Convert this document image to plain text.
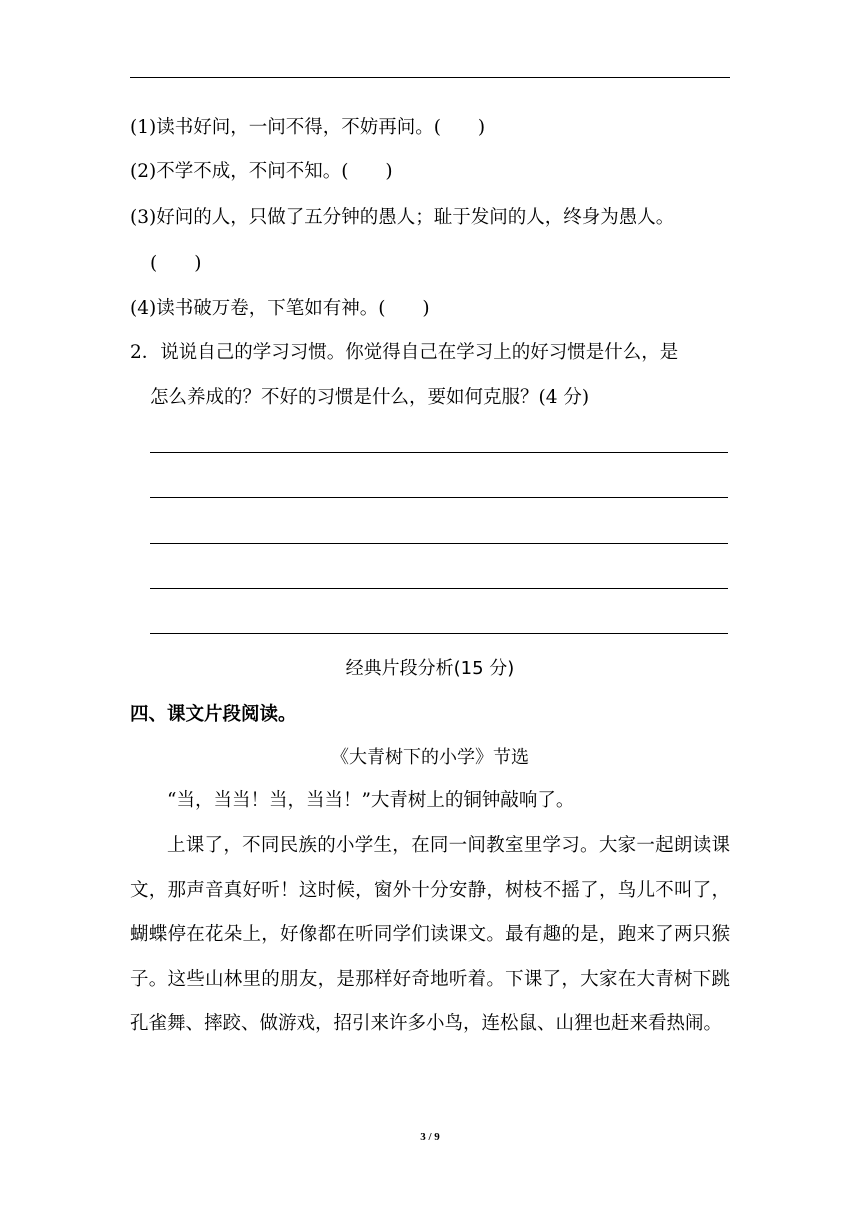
(1)读书好问，一问不得，不妨再问。(　　)
(2)不学不成，不问不知。(　　)
(3)好问的人，只做了五分钟的愚人；耻于发问的人，终身为愚人。
(　　)
(4)读书破万卷，下笔如有神。(　　)
2．说说自己的学习习惯。你觉得自己在学习上的好习惯是什么，是
怎么养成的？不好的习惯是什么，要如何克服？(4 分)
经典片段分析(15 分)
四、课文片段阅读。
《大青树下的小学》节选
“当，当当！当，当当！”大青树上的铜钟敲响了。
上课了，不同民族的小学生，在同一间教室里学习。大家一起朗读课文，那声音真好听！这时候，窗外十分安静，树枝不摇了，鸟儿不叫了，蝴蝶停在花朵上，好像都在听同学们读课文。最有趣的是，跑来了两只猴子。这些山林里的朋友，是那样好奇地听着。下课了，大家在大青树下跳孔雀舞、摔跤、做游戏，招引来许多小鸟，连松鼠、山狸也赶来看热闹。
3 / 9
